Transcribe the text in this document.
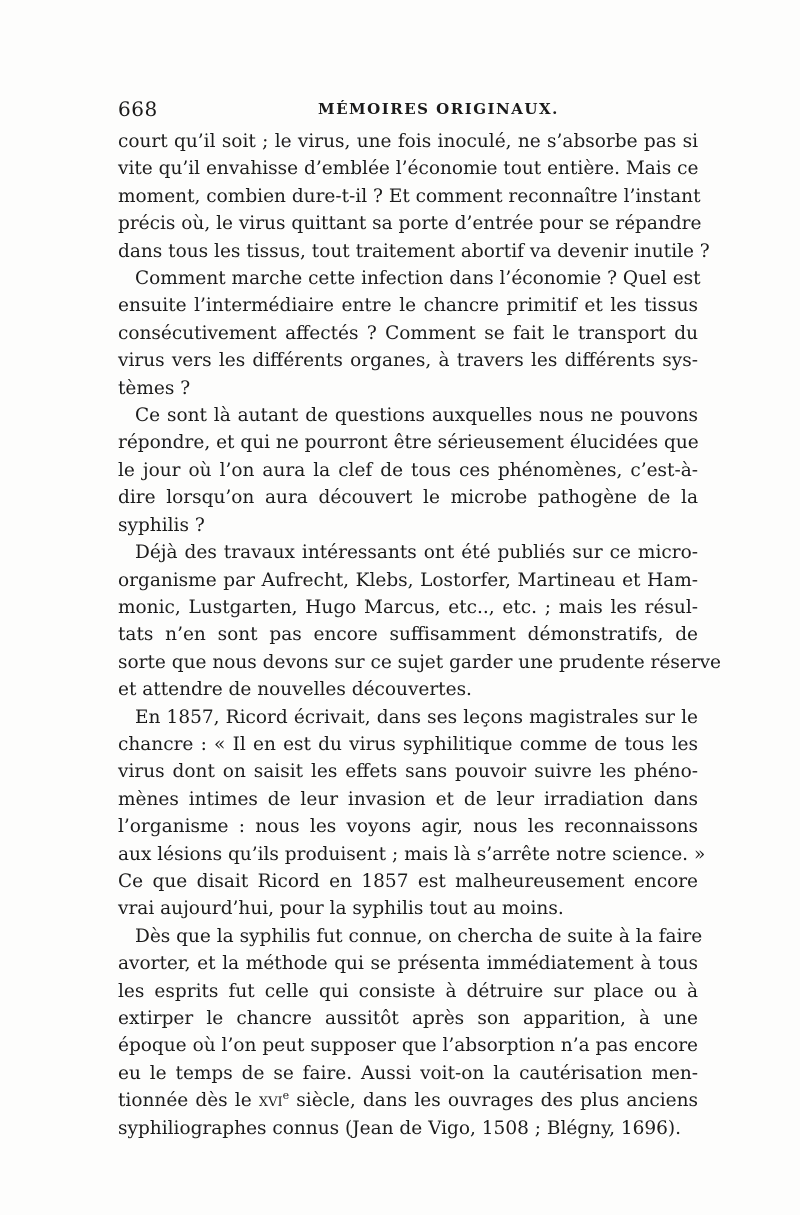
668	MÉMOIRES ORIGINAUX.
court qu’il soit ; le virus, une fois inoculé, ne s’absorbe pas si
vite qu’il envahisse d’emblée l’économie tout entière. Mais ce
moment, combien dure-t-il ? Et comment reconnaître l’instant
précis où, le virus quittant sa porte d’entrée pour se répandre
dans tous les tissus, tout traitement abortif va devenir inutile ?
Comment marche cette infection dans l’économie ? Quel est
ensuite l’intermédiaire entre le chancre primitif et les tissus
consécutivement affectés ? Comment se fait le transport du
virus vers les différents organes, à travers les différents sys-
tèmes ?
Ce sont là autant de questions auxquelles nous ne pouvons
répondre, et qui ne pourront être sérieusement élucidées que
le jour où l’on aura la clef de tous ces phénomènes, c’est-à-
dire lorsqu’on aura découvert le microbe pathogène de la
syphilis ?
Déjà des travaux intéressants ont été publiés sur ce micro-
organisme par Aufrecht, Klebs, Lostorfer, Martineau et Ham-
monic, Lustgarten, Hugo Marcus, etc.., etc. ; mais les résul-
tats n’en sont pas encore suffisamment démonstratifs, de
sorte que nous devons sur ce sujet garder une prudente réserve
et attendre de nouvelles découvertes.
En 1857, Ricord écrivait, dans ses leçons magistrales sur le
chancre : « Il en est du virus syphilitique comme de tous les
virus dont on saisit les effets sans pouvoir suivre les phéno-
mènes intimes de leur invasion et de leur irradiation dans
l’organisme : nous les voyons agir, nous les reconnaissons
aux lésions qu’ils produisent ; mais là s’arrête notre science. »
Ce que disait Ricord en 1857 est malheureusement encore
vrai aujourd’hui, pour la syphilis tout au moins.
Dès que la syphilis fut connue, on chercha de suite à la faire
avorter, et la méthode qui se présenta immédiatement à tous
les esprits fut celle qui consiste à détruire sur place ou à
extirper le chancre aussitôt après son apparition, à une
époque où l’on peut supposer que l’absorption n’a pas encore
eu le temps de se faire. Aussi voit-on la cautérisation men-
tionnée dès le xvi$^e$ siècle, dans les ouvrages des plus anciens
syphiliographes connus (Jean de Vigo, 1508 ; Blégny, 1696).
